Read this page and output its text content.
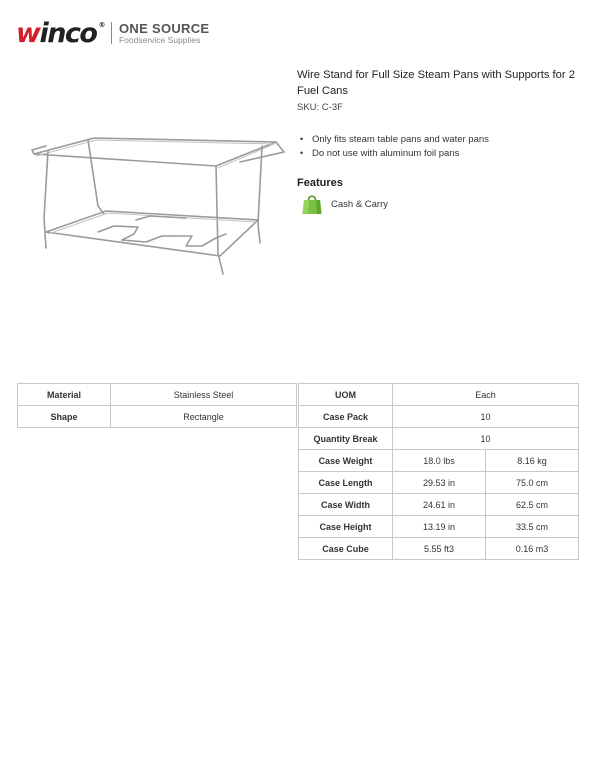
w inco ® ONE SOURCE
Foodservice Supplies
Wire Stand for Full Size Steam Pans with Supports for 2 Fuel Cans
SKU: C-3F
• Only fits steam table pans and water pans
• Do not use with aluminum foil pans
Features
Cash & Carry
Material	Stainless Steel
Shape	Rectangle
UOM	Each	
Case Pack	10	
Quantity Break	10	
Case Weight	18.0 lbs	8.16 kg
Case Length	29.53 in	75.0 cm
Case Width	24.61 in	62.5 cm
Case Height	13.19 in	33.5 cm
Case Cube	5.55 ft3	0.16 m3
